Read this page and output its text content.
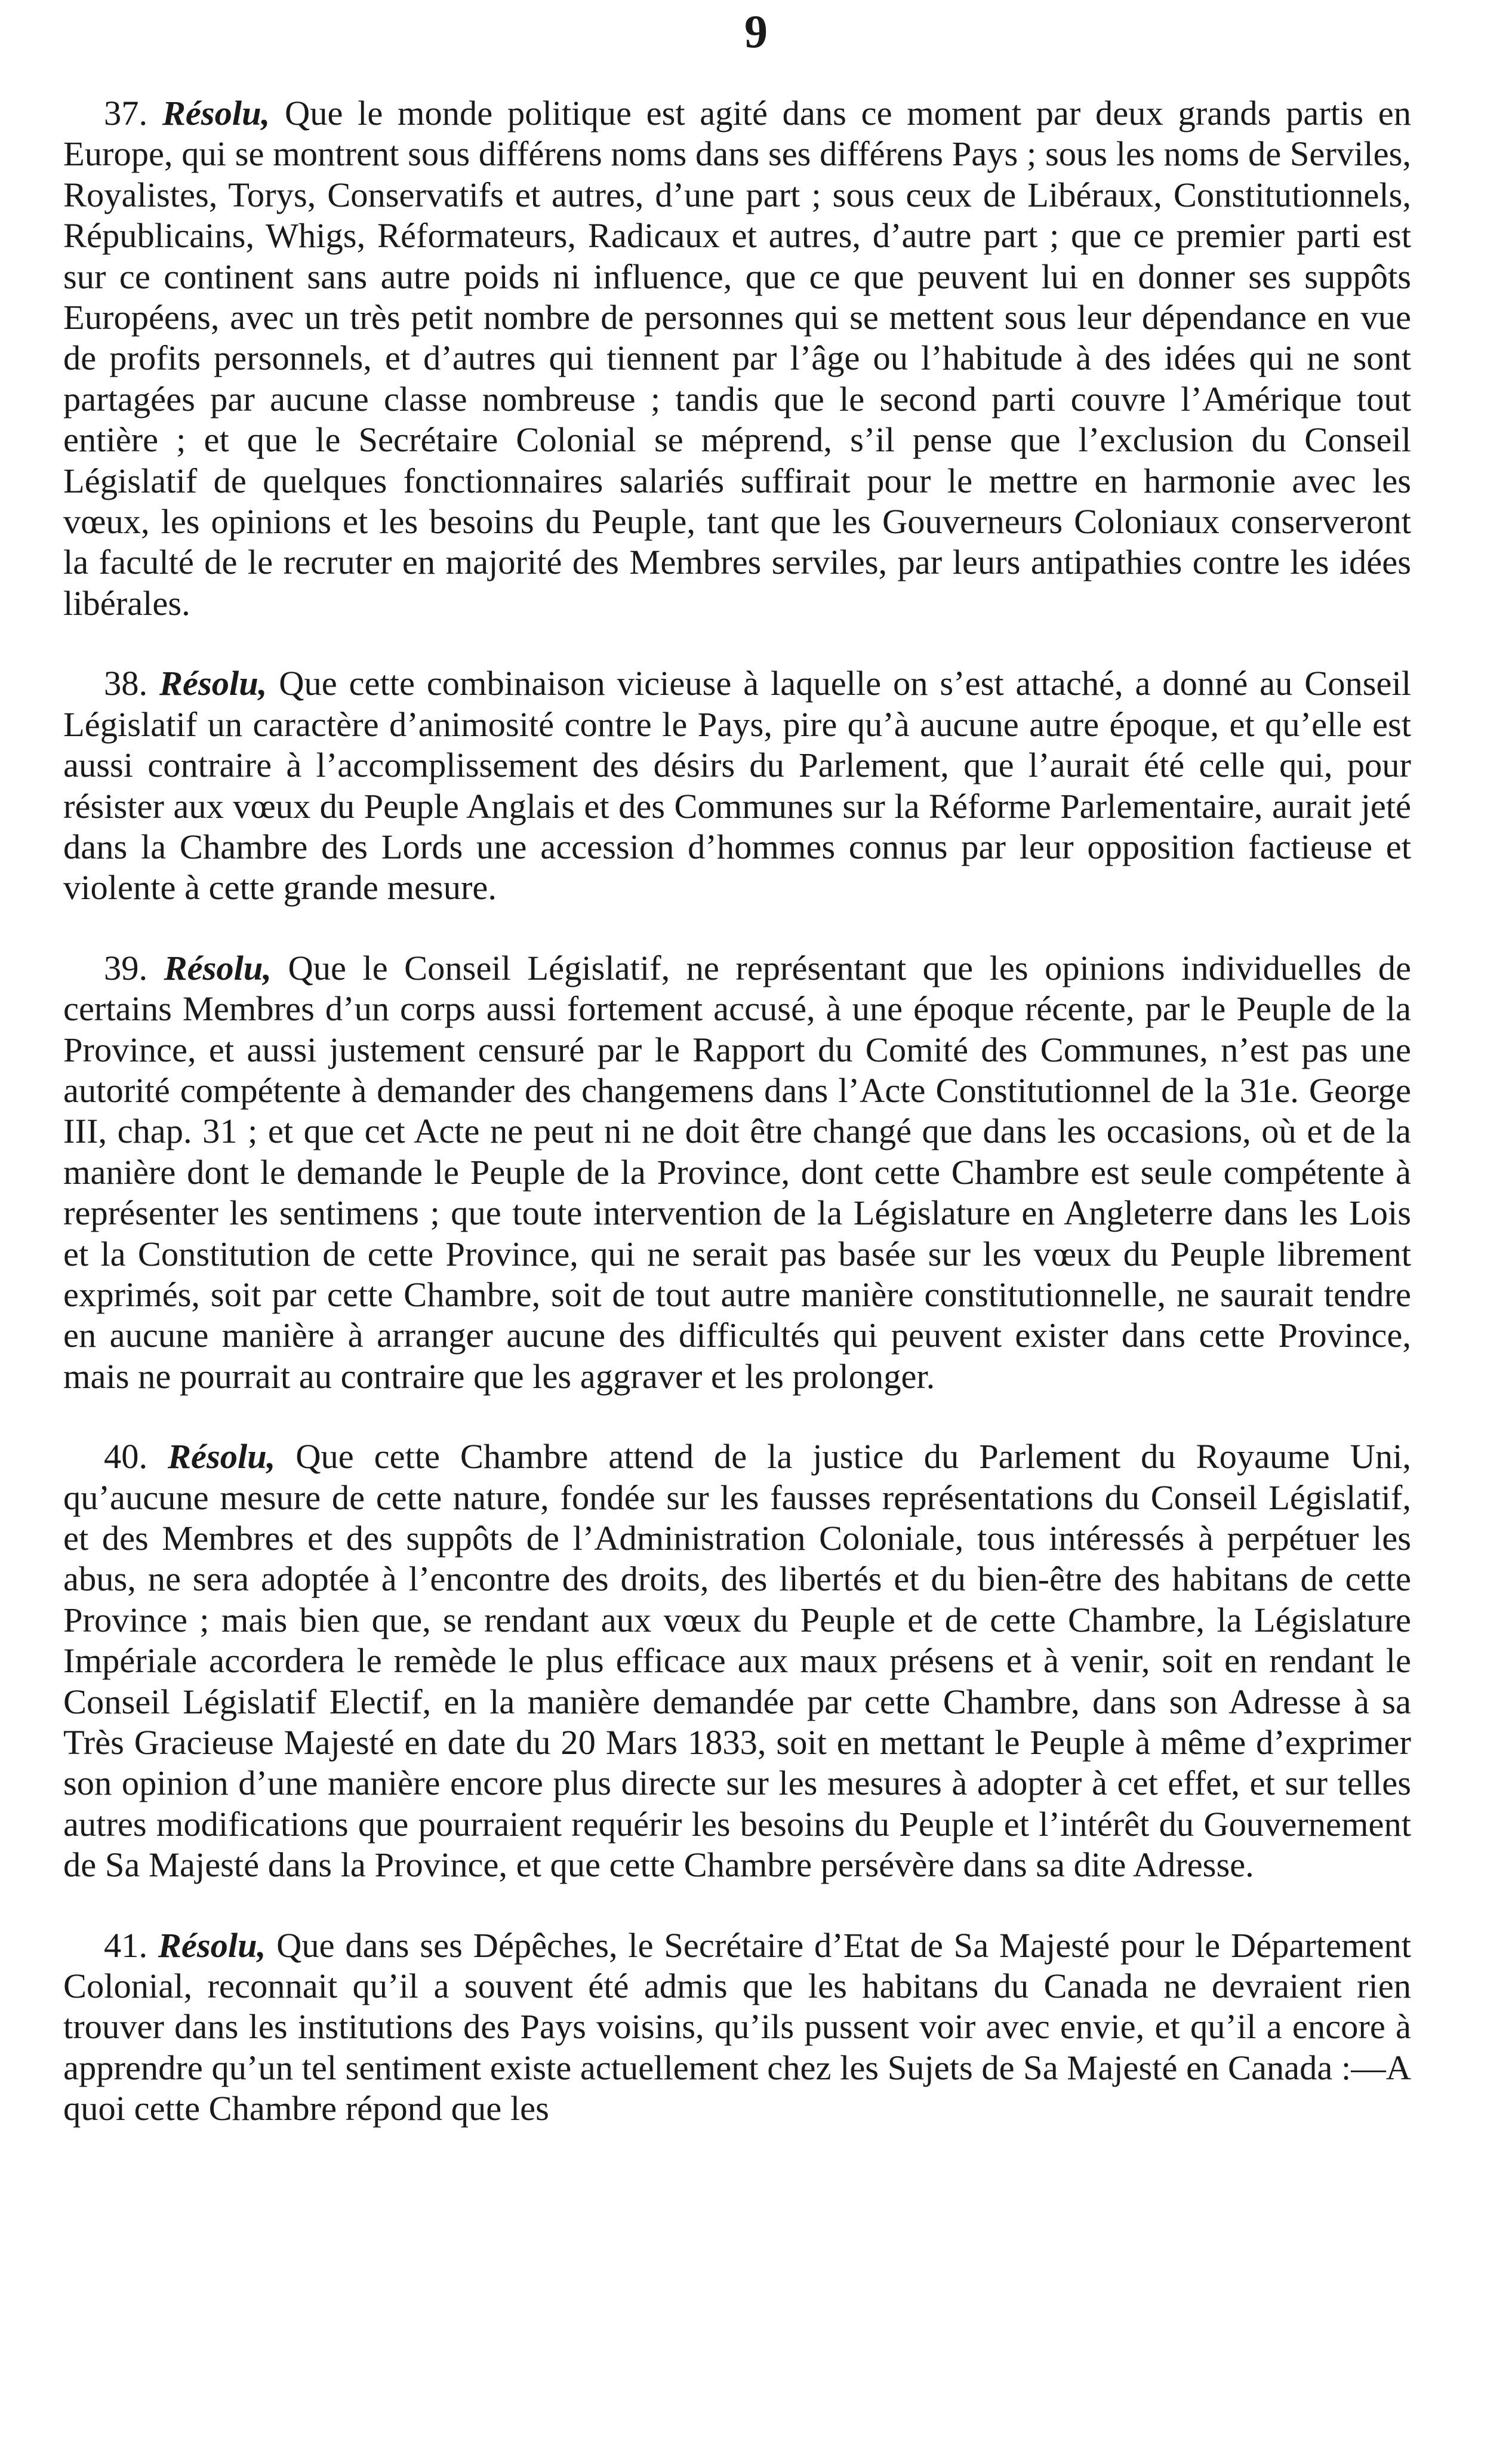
9

37. Résolu, Que le monde politique est agité dans ce moment par deux grands partis en Europe, qui se montrent sous différens noms dans ses différens Pays ; sous les noms de Serviles, Royalistes, Torys, Conservatifs et autres, d’une part ; sous ceux de Libéraux, Constitutionnels, Républicains, Whigs, Réformateurs, Radicaux et autres, d’autre part ; que ce premier parti est sur ce continent sans autre poids ni influence, que ce que peuvent lui en donner ses suppôts Européens, avec un très petit nombre de personnes qui se mettent sous leur dépendance en vue de profits personnels, et d’autres qui tiennent par l’âge ou l’habitude à des idées qui ne sont partagées par aucune classe nombreuse ; tandis que le second parti couvre l’Amérique tout entière ; et que le Secrétaire Colonial se méprend, s’il pense que l’exclusion du Conseil Législatif de quelques fonctionnaires salariés suffirait pour le mettre en harmonie avec les vœux, les opinions et les besoins du Peuple, tant que les Gouverneurs Coloniaux conserveront la faculté de le recruter en majorité des Membres serviles, par leurs antipathies contre les idées libérales.

38. Résolu, Que cette combinaison vicieuse à laquelle on s’est attaché, a donné au Conseil Législatif un caractère d’animosité contre le Pays, pire qu’à aucune autre époque, et qu’elle est aussi contraire à l’accomplissement des désirs du Parlement, que l’aurait été celle qui, pour résister aux vœux du Peuple Anglais et des Communes sur la Réforme Parlementaire, aurait jeté dans la Chambre des Lords une accession d’hommes connus par leur opposition factieuse et violente à cette grande mesure.

39. Résolu, Que le Conseil Législatif, ne représentant que les opinions individuelles de certains Membres d’un corps aussi fortement accusé, à une époque récente, par le Peuple de la Province, et aussi justement censuré par le Rapport du Comité des Communes, n’est pas une autorité compétente à demander des changemens dans l’Acte Constitutionnel de la 31e. George III, chap. 31 ; et que cet Acte ne peut ni ne doit être changé que dans les occasions, où et de la manière dont le demande le Peuple de la Province, dont cette Chambre est seule compétente à représenter les sentimens ; que toute intervention de la Législature en Angleterre dans les Lois et la Constitution de cette Province, qui ne serait pas basée sur les vœux du Peuple librement exprimés, soit par cette Chambre, soit de tout autre manière constitutionnelle, ne saurait tendre en aucune manière à arranger aucune des difficultés qui peuvent exister dans cette Province, mais ne pourrait au contraire que les aggraver et les prolonger.

40. Résolu, Que cette Chambre attend de la justice du Parlement du Royaume Uni, qu’aucune mesure de cette nature, fondée sur les fausses représentations du Conseil Législatif, et des Membres et des suppôts de l’Administration Coloniale, tous intéressés à perpétuer les abus, ne sera adoptée à l’encontre des droits, des libertés et du bien-être des habitans de cette Province ; mais bien que, se rendant aux vœux du Peuple et de cette Chambre, la Législature Impériale accordera le remède le plus efficace aux maux présens et à venir, soit en rendant le Conseil Législatif Electif, en la manière demandée par cette Chambre, dans son Adresse à sa Très Gracieuse Majesté en date du 20 Mars 1833, soit en mettant le Peuple à même d’exprimer son opinion d’une manière encore plus directe sur les mesures à adopter à cet effet, et sur telles autres modifications que pourraient requérir les besoins du Peuple et l’intérêt du Gouvernement de Sa Majesté dans la Province, et que cette Chambre persévère dans sa dite Adresse.

41. Résolu, Que dans ses Dépêches, le Secrétaire d’Etat de Sa Majesté pour le Département Colonial, reconnait qu’il a souvent été admis que les habitans du Canada ne devraient rien trouver dans les institutions des Pays voisins, qu’ils pussent voir avec envie, et qu’il a encore à apprendre qu’un tel sentiment existe actuellement chez les Sujets de Sa Majesté en Canada :—A quoi cette Chambre répond que les
